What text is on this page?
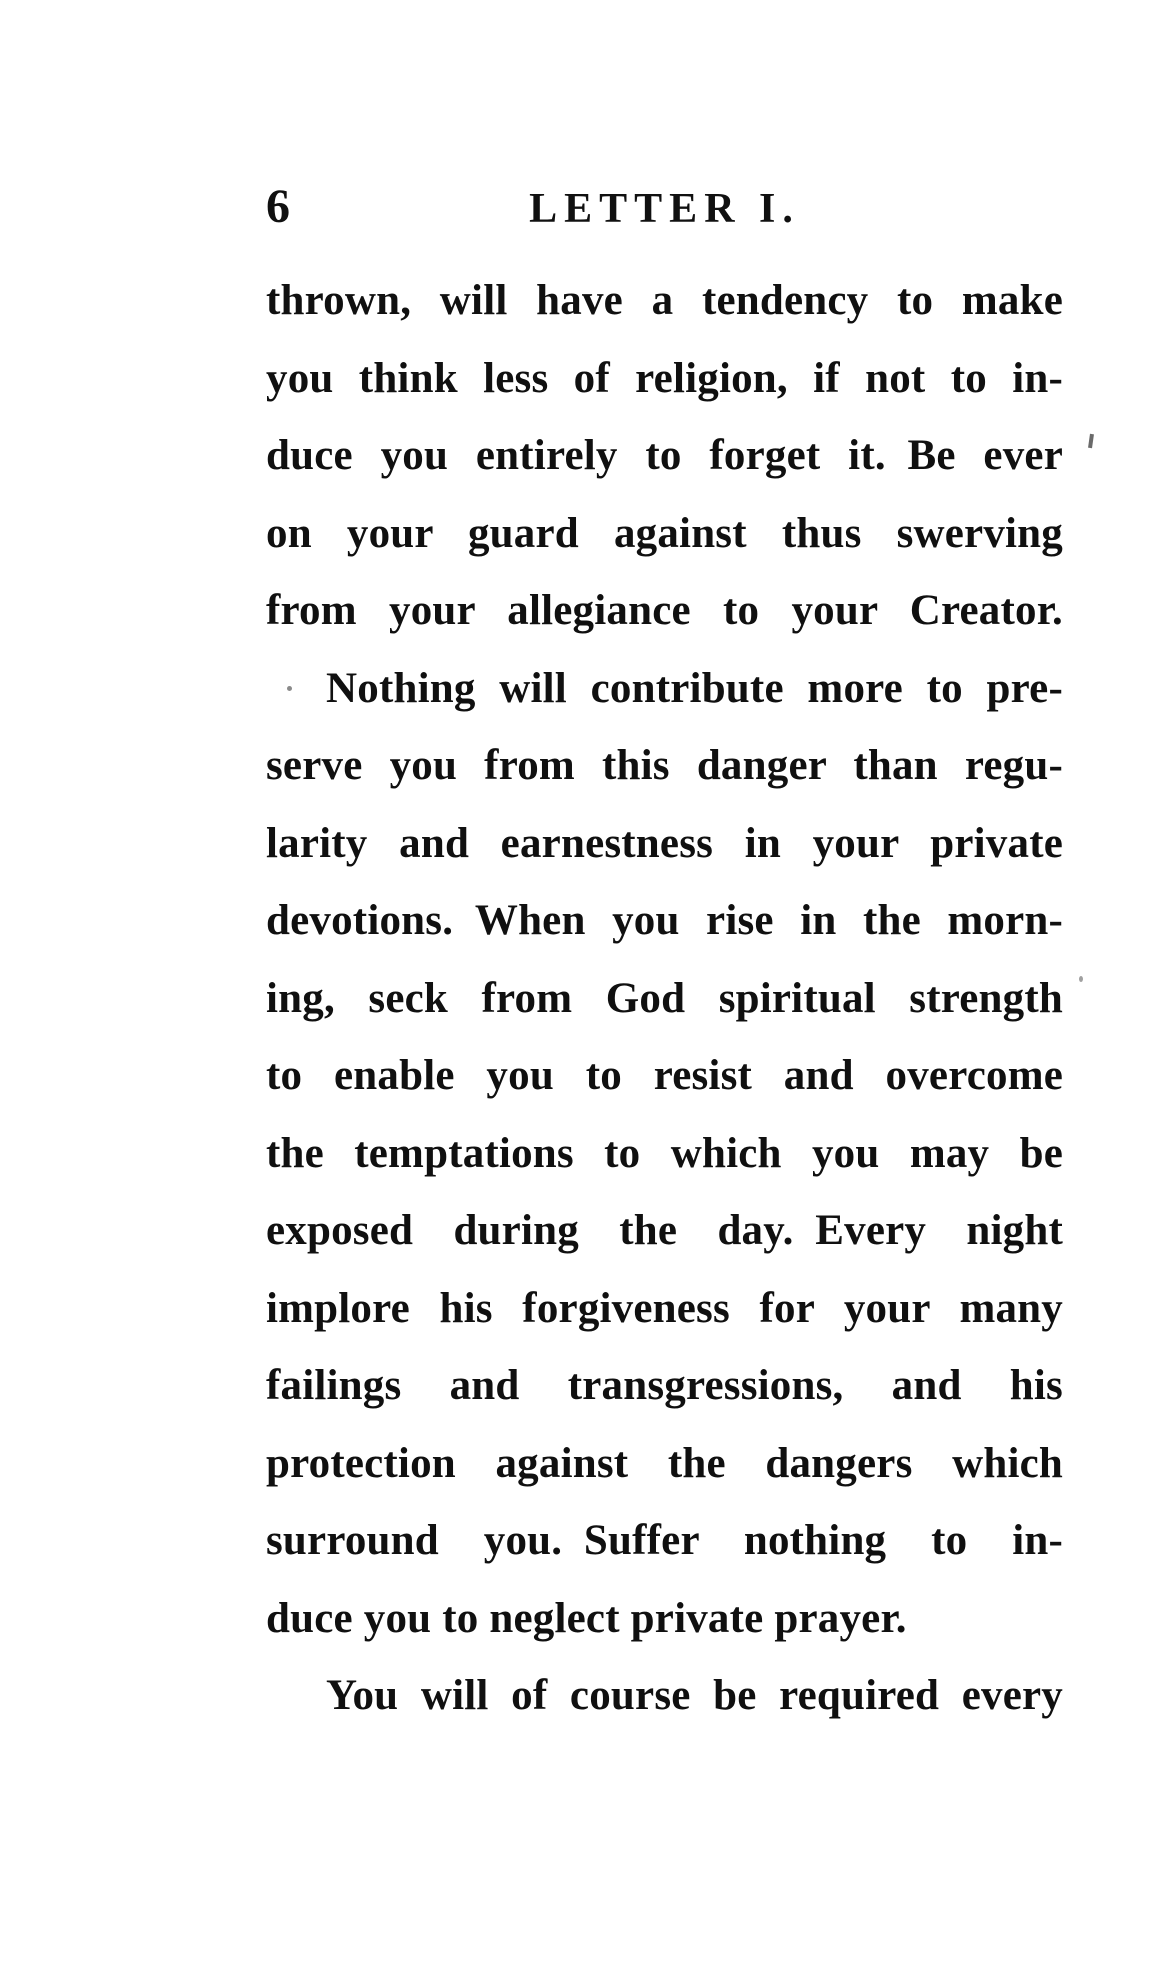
6	LETTER I.
thrown, will have a tendency to make
you think less of religion, if not to in-
duce you entirely to forget it. Be ever
on your guard against thus swerving
from your allegiance to your Creator.
Nothing will contribute more to pre-
serve you from this danger than regu-
larity and earnestness in your private
devotions. When you rise in the morn-
ing, seck from God spiritual strength
to enable you to resist and overcome
the temptations to which you may be
exposed during the day. Every night
implore his forgiveness for your many
failings and transgressions, and his
protection against the dangers which
surround you. Suffer nothing to in-
duce you to neglect private prayer.
You will of course be required every
